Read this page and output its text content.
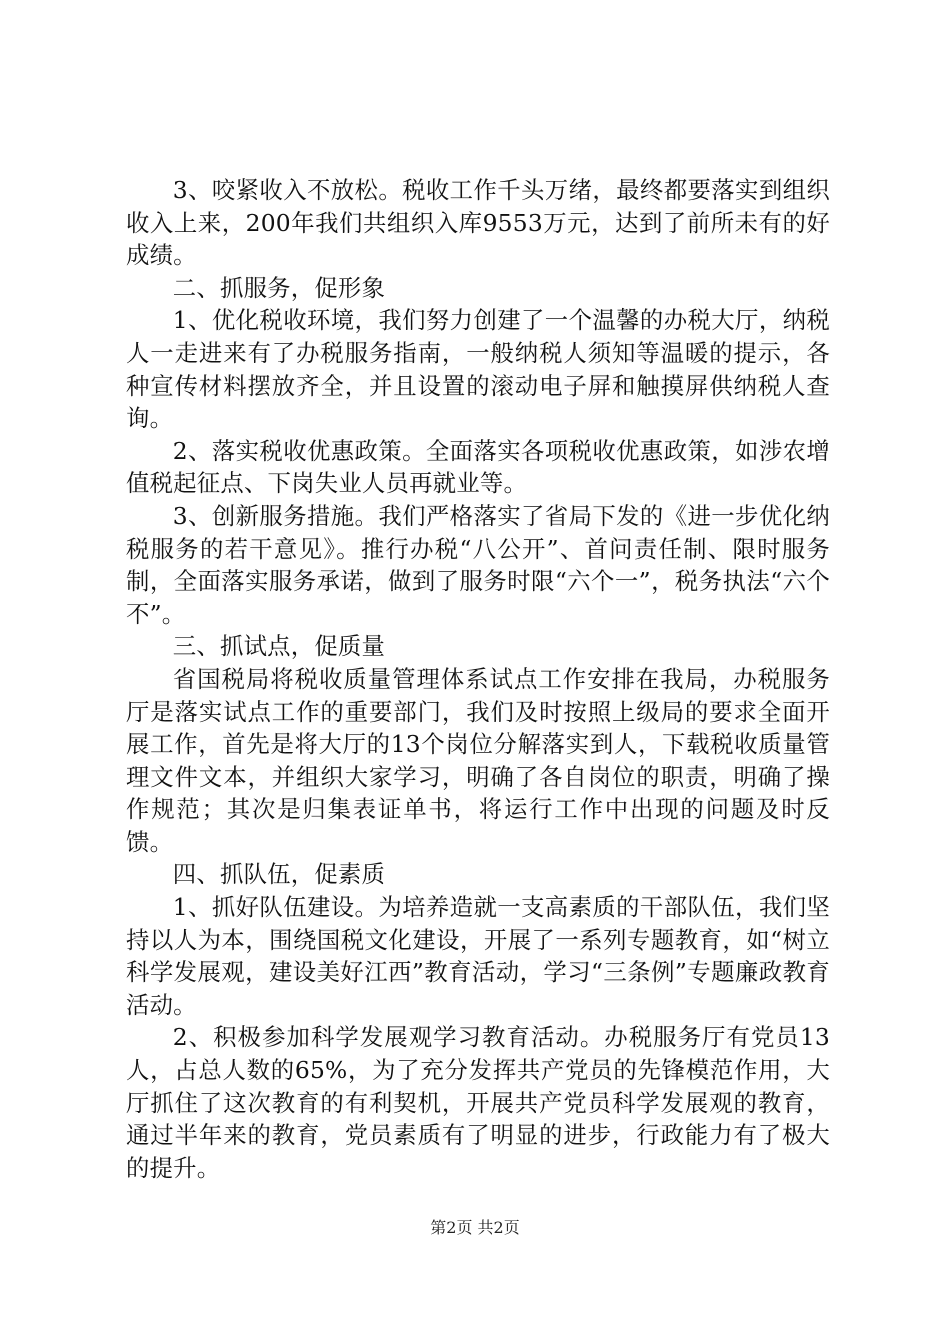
3、咬紧收入不放松。税收工作千头万绪，最终都要落实到组织收入上来，200年我们共组织入库9553万元，达到了前所未有的好成绩。

二、抓服务，促形象

1、优化税收环境，我们努力创建了一个温馨的办税大厅，纳税人一走进来有了办税服务指南，一般纳税人须知等温暖的提示，各种宣传材料摆放齐全，并且设置的滚动电子屏和触摸屏供纳税人查询。

2、落实税收优惠政策。全面落实各项税收优惠政策，如涉农增值税起征点、下岗失业人员再就业等。

3、创新服务措施。我们严格落实了省局下发的《进一步优化纳税服务的若干意见》。推行办税“八公开”、首问责任制、限时服务制，全面落实服务承诺，做到了服务时限“六个一”，税务执法“六个不”。

三、抓试点，促质量

省国税局将税收质量管理体系试点工作安排在我局，办税服务厅是落实试点工作的重要部门，我们及时按照上级局的要求全面开展工作，首先是将大厅的13个岗位分解落实到人，下载税收质量管理文件文本，并组织大家学习，明确了各自岗位的职责，明确了操作规范；其次是归集表证单书，将运行工作中出现的问题及时反馈。

四、抓队伍，促素质

1、抓好队伍建设。为培养造就一支高素质的干部队伍，我们坚持以人为本，围绕国税文化建设，开展了一系列专题教育，如“树立科学发展观，建设美好江西”教育活动，学习“三条例”专题廉政教育活动。

2、积极参加科学发展观学习教育活动。办税服务厅有党员13人，占总人数的65%，为了充分发挥共产党员的先锋模范作用，大厅抓住了这次教育的有利契机，开展共产党员科学发展观的教育，通过半年来的教育，党员素质有了明显的进步，行政能力有了极大的提升。

第2页 共2页
